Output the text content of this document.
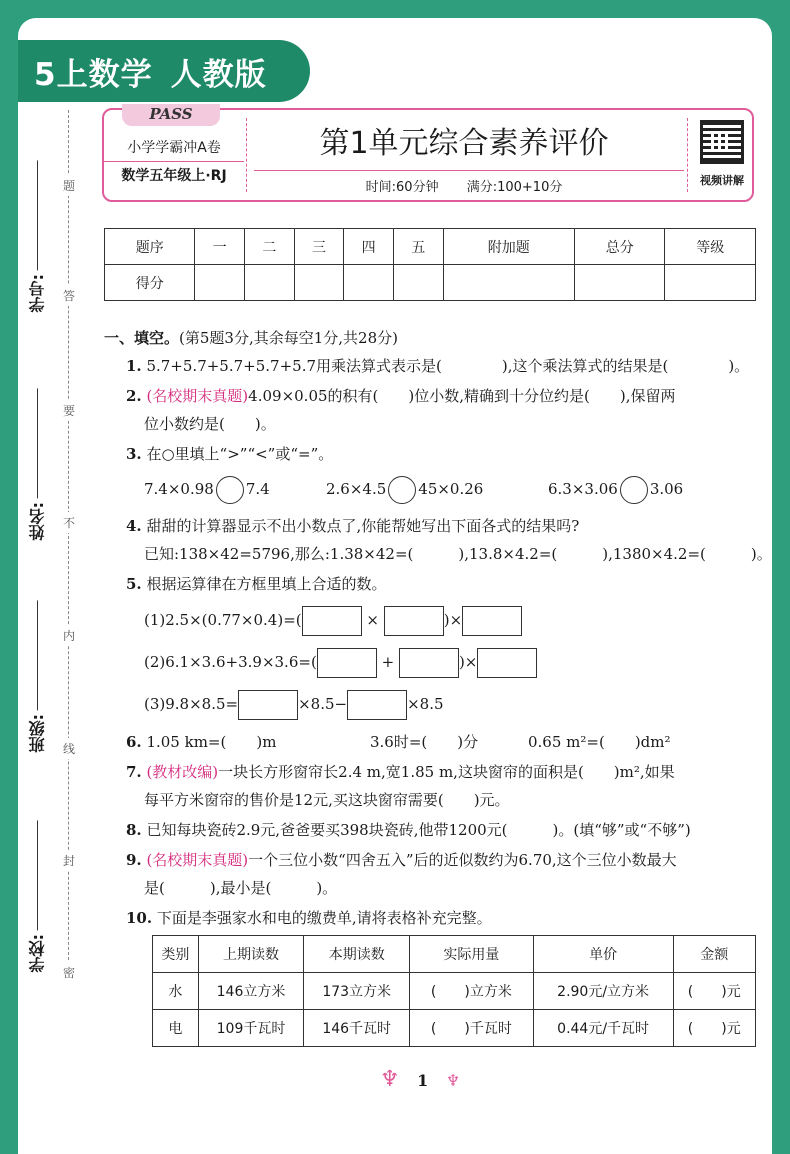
5上数学 人教版
题
答
要
不
内
线
封
密
学号:
姓名:
班级:
学校:
PASS
小学学霸冲A卷
数学五年级上·RJ
第1单元综合素养评价
时间:60分钟 满分:100+10分	视频讲解
题序	一	二	三	四	五	附加题	总分	等级
得分								
一、填空。(第5题3分,其余每空1分,共28分)
1. 5.7+5.7+5.7+5.7+5.7用乘法算式表示是(　　　　),这个乘法算式的结果是(　　　　)。
2. (名校期末真题)4.09×0.05的积有(　　)位小数,精确到十分位约是(　　),保留两
位小数约是(　　)。
3. 在○里填上“>”“<”或“=”。
7.4×0.98 7.4	2.6×4.5 45×0.26	6.3×3.06 3.06
4. 甜甜的计算器显示不出小数点了,你能帮她写出下面各式的结果吗?
已知:138×42=5796,那么:1.38×42=(　　　),13.8×4.2=(　　　),1380×4.2=(　　　)。
5. 根据运算律在方框里填上合适的数。
(1)2.5×(0.77×0.4)=(	×	)×
(2)6.1×3.6+3.9×3.6=(	+	)×
(3)9.8×8.5=	×8.5−	×8.5
6. 1.05 km=(　　)m	3.6时=(　　)分	0.65 m²=(　　)dm²
7. (教材改编)一块长方形窗帘长2.4 m,宽1.85 m,这块窗帘的面积是(　　)m²,如果
每平方米窗帘的售价是12元,买这块窗帘需要(　　)元。
8. 已知每块瓷砖2.9元,爸爸要买398块瓷砖,他带1200元(　　　)。(填“够”或“不够”)
9. (名校期末真题)一个三位小数“四舍五入”后的近似数约为6.70,这个三位小数最大
是(　　　),最小是(　　　)。
10. 下面是李强家水和电的缴费单,请将表格补充完整。
类别	上期读数	本期读数	实际用量	单价	金额
水	146立方米	173立方米	(　　)立方米	2.90元/立方米	(　　)元
电	109千瓦时	146千瓦时	(　　)千瓦时	0.44元/千瓦时	(　　)元
♆ 1 ♆
